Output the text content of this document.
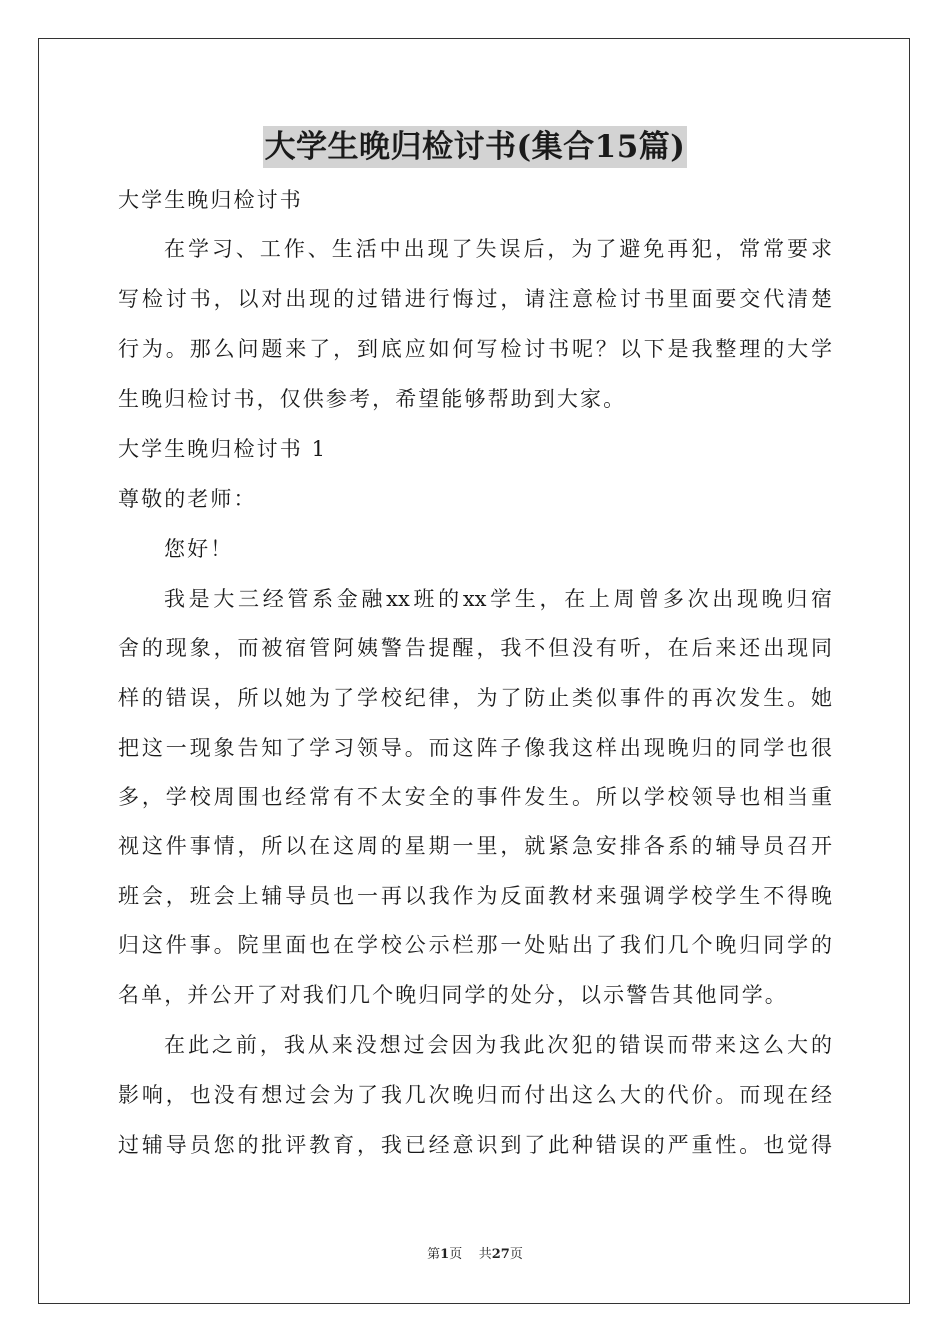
大学生晚归检讨书(集合15篇)
大学生晚归检讨书
在学习、工作、生活中出现了失误后，为了避免再犯，常常要求
写检讨书，以对出现的过错进行悔过，请注意检讨书里面要交代清楚
行为。那么问题来了，到底应如何写检讨书呢？以下是我整理的大学
生晚归检讨书，仅供参考，希望能够帮助到大家。
大学生晚归检讨书 1
尊敬的老师：
您好！
我是大三经管系金融xx班的xx学生，在上周曾多次出现晚归宿
舍的现象，而被宿管阿姨警告提醒，我不但没有听，在后来还出现同
样的错误，所以她为了学校纪律，为了防止类似事件的再次发生。她
把这一现象告知了学习领导。而这阵子像我这样出现晚归的同学也很
多，学校周围也经常有不太安全的事件发生。所以学校领导也相当重
视这件事情，所以在这周的星期一里，就紧急安排各系的辅导员召开
班会，班会上辅导员也一再以我作为反面教材来强调学校学生不得晚
归这件事。院里面也在学校公示栏那一处贴出了我们几个晚归同学的
名单，并公开了对我们几个晚归同学的处分，以示警告其他同学。
在此之前，我从来没想过会因为我此次犯的错误而带来这么大的
影响，也没有想过会为了我几次晚归而付出这么大的代价。而现在经
过辅导员您的批评教育，我已经意识到了此种错误的严重性。也觉得
第1页 共27页
